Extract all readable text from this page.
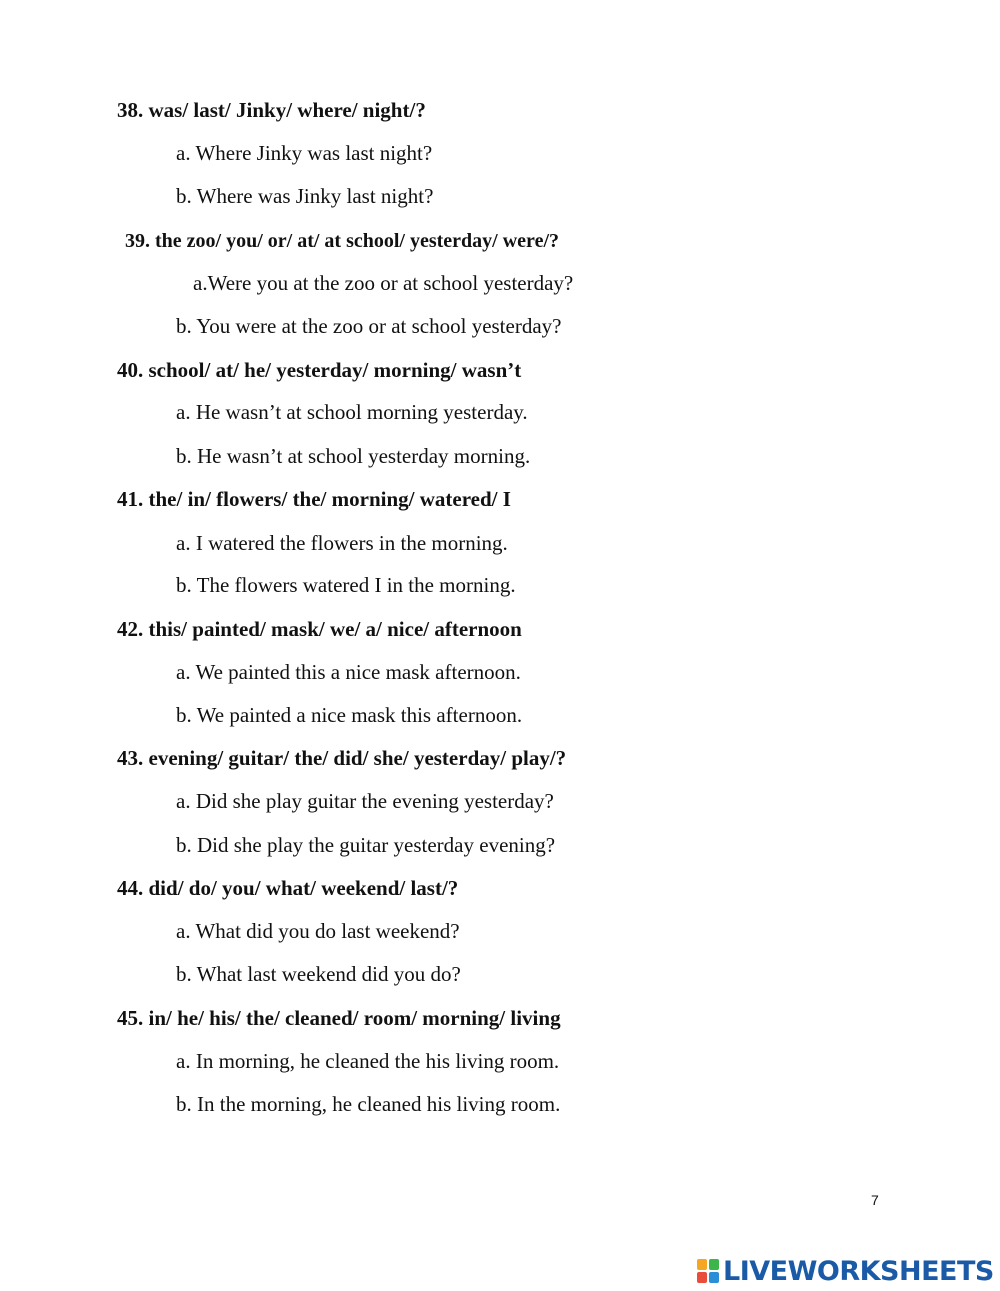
38. was/ last/ Jinky/ where/ night/?
a. Where Jinky was last night?
b. Where was Jinky last night?
39. the zoo/ you/ or/ at/ at school/ yesterday/ were/?
a.Were you at the zoo or at school yesterday?
b. You were at the zoo or at school yesterday?
40. school/ at/ he/ yesterday/ morning/ wasn’t
a. He wasn’t at school morning yesterday.
b. He wasn’t at school yesterday morning.
41. the/ in/ flowers/ the/ morning/ watered/ I
a. I watered the flowers in the morning.
b. The flowers watered I in the morning.
42. this/ painted/ mask/ we/ a/ nice/ afternoon
a. We painted this a nice mask afternoon.
b. We painted a nice mask this afternoon.
43. evening/ guitar/ the/ did/ she/ yesterday/ play/?
a. Did she play guitar the evening yesterday?
b. Did she play the guitar yesterday evening?
44. did/ do/ you/ what/ weekend/ last/?
a. What did you do last weekend?
b. What last weekend did you do?
45. in/ he/ his/ the/ cleaned/ room/ morning/ living
a. In morning, he cleaned the his living room.
b. In the morning, he cleaned his living room.
7
LIVEWORKSHEETS
